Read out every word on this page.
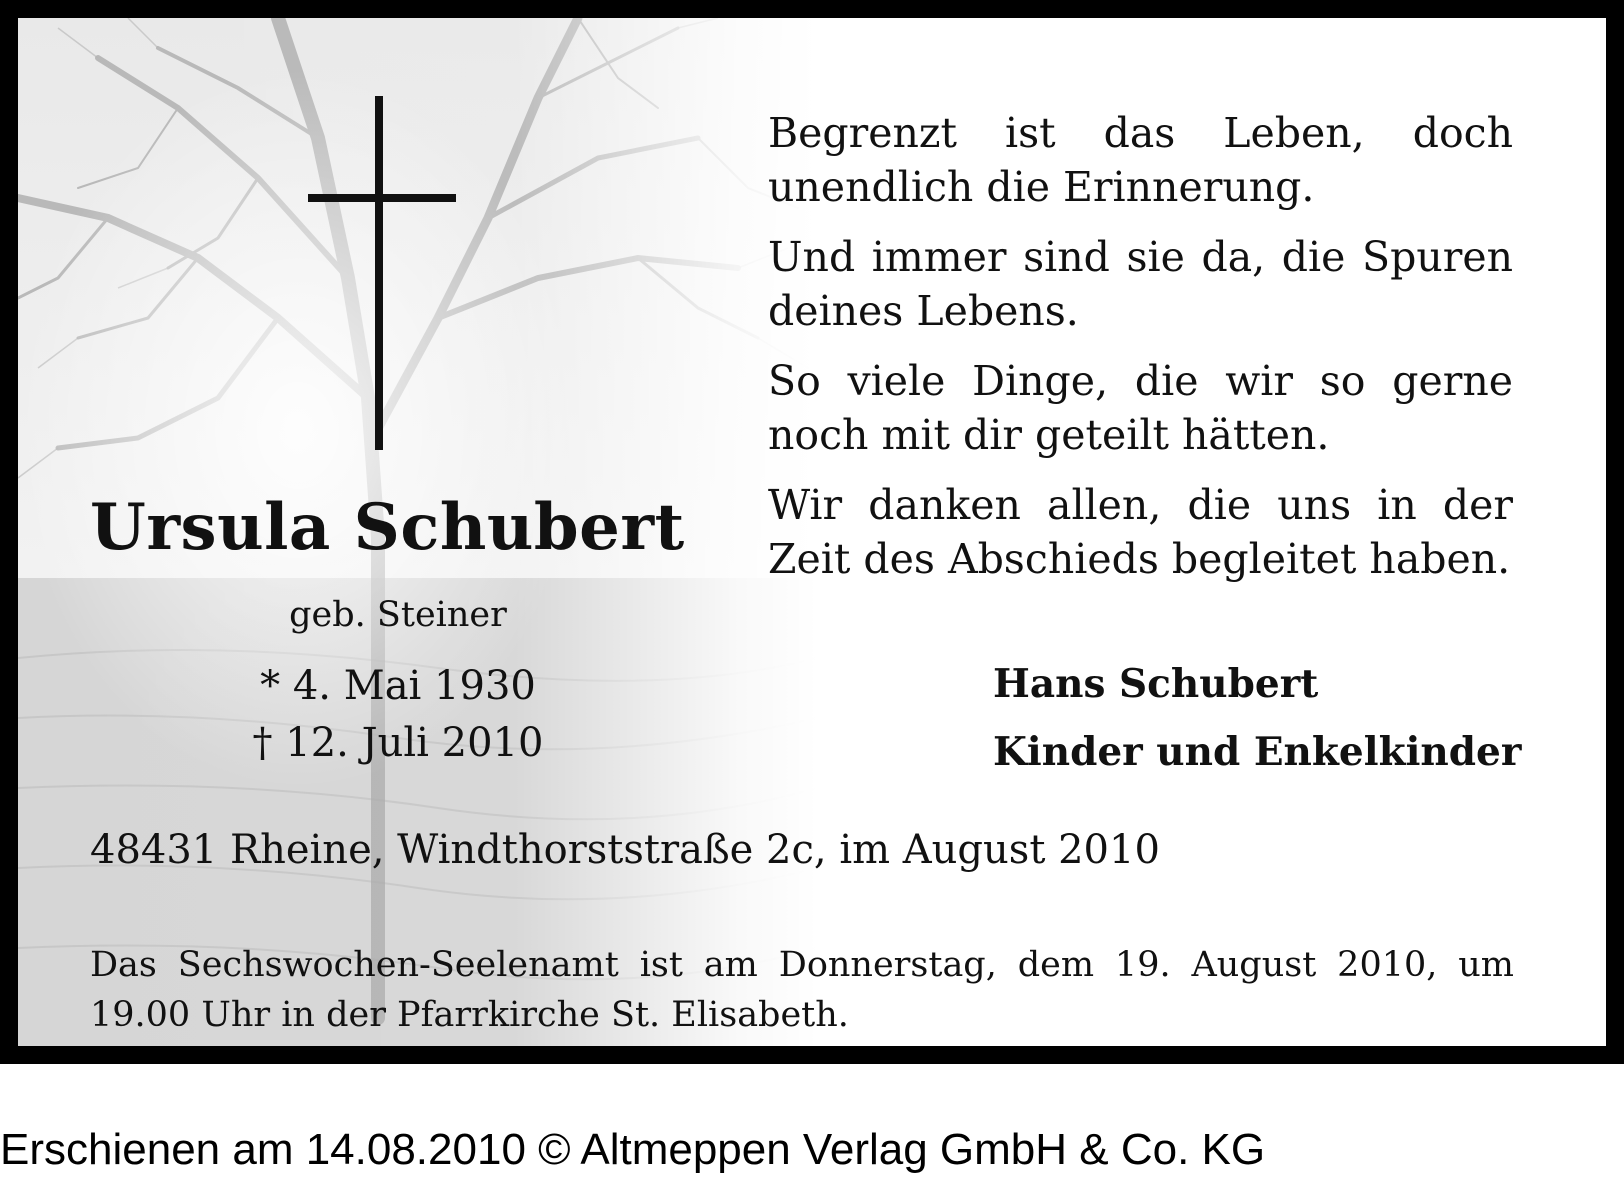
Ursula Schubert
geb. Steiner
* 4. Mai 1930
† 12. Juli 2010

Begrenzt ist das Leben, doch unendlich die Erinnerung.

Und immer sind sie da, die Spuren deines Lebens.

So viele Dinge, die wir so gerne noch mit dir geteilt hätten.

Wir danken allen, die uns in der Zeit des Abschieds begleitet haben.

Hans Schubert
Kinder und Enkelkinder
48431 Rheine, Windthorststraße 2c, im August 2010
Das Sechswochen-Seelenamt ist am Donnerstag, dem 19. August 2010, um 19.00 Uhr in der Pfarrkirche St. Elisabeth.
Erschienen am 14.08.2010 © Altmeppen Verlag GmbH & Co. KG
